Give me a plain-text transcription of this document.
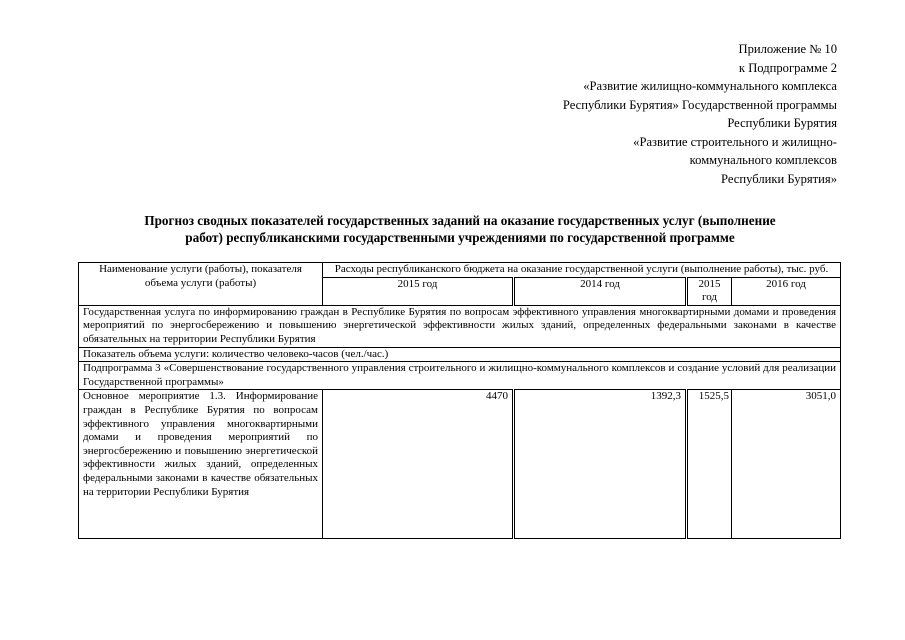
Приложение № 10
к Подпрограмме 2
«Развитие жилищно-коммунального комплекса
Республики Бурятия» Государственной программы
Республики Бурятия
«Развитие строительного и жилищно-
коммунального комплексов
Республики Бурятия»
Прогноз сводных показателей государственных заданий на оказание государственных услуг (выполнение
работ) республиканскими государственными учреждениями по государственной программе
Наименование услуги (работы), показателя объема услуги (работы)	Расходы республиканского бюджета на оказание государственной услуги (выполнение работы), тыс. руб.			
	2015 год	2014 год	2015 год	2016 год
Государственная услуга по информированию граждан в Республике Бурятия по вопросам эффективного управления многоквартирными домами и проведения мероприятий по энергосбережению и повышению энергетической эффективности жилых зданий, определенных федеральными законами в качестве обязательных на территории Республики Бурятия				
Показатель объема услуги: количество человеко-часов (чел./час.)				
Подпрограмма 3 «Совершенствование государственного управления строительного и жилищно-коммунального комплексов и создание условий для реализации Государственной программы»				
Основное мероприятие 1.3. Информирование граждан в Республике Бурятия по вопросам эффективного управления многоквартирными домами и проведения мероприятий по энергосбережению и повышению энергетической эффективности жилых зданий, определенных федеральными законами в качестве обязательных на территории Республики Бурятия	4470	1392,3	1525,5	3051,0
